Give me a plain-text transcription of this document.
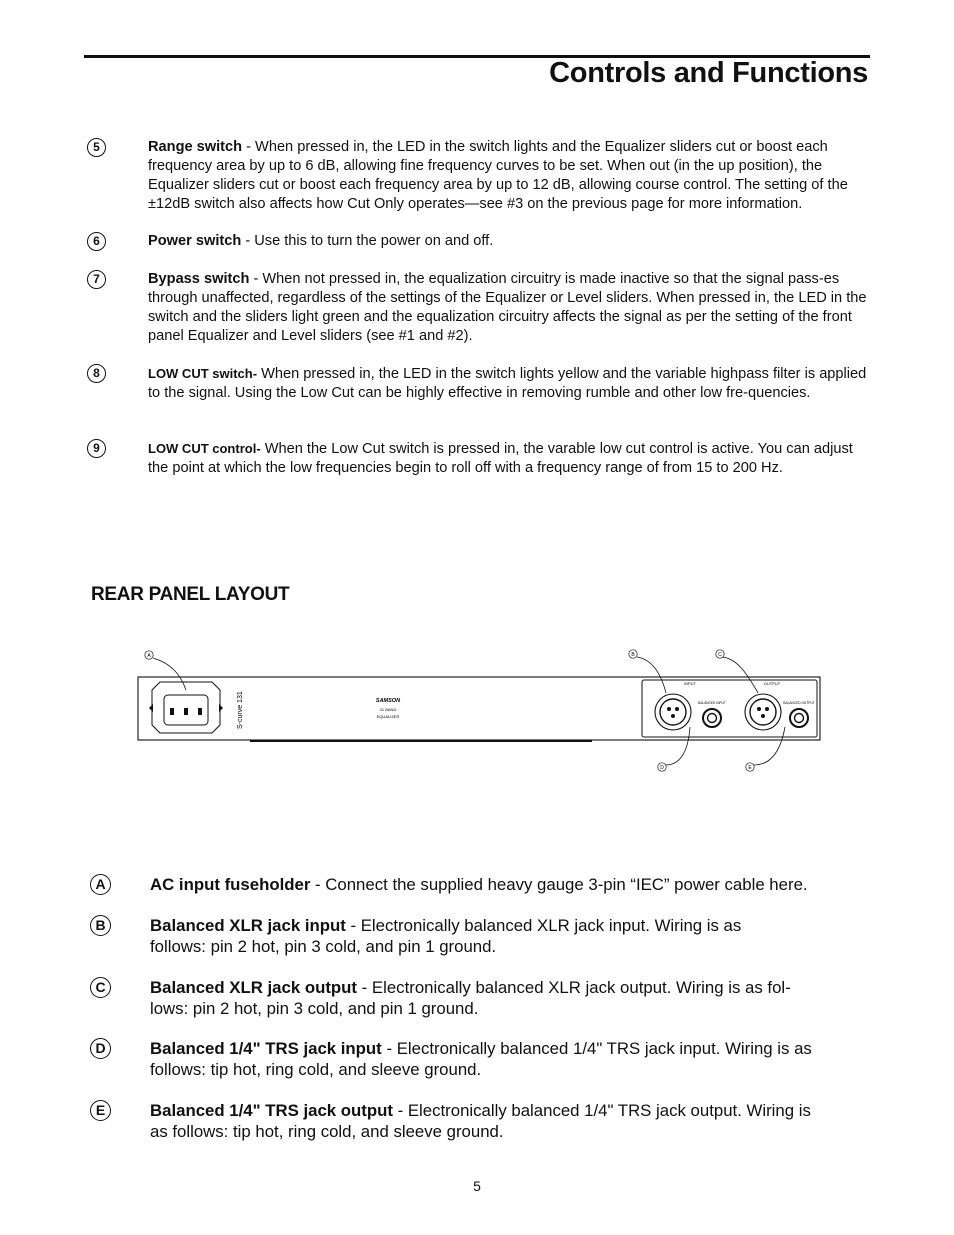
Controls and Functions
5	Range switch - When pressed in, the LED in the switch lights and the Equalizer sliders cut or boost each frequency area by up to 6 dB, allowing fine frequency curves to be set. When out (in the up position), the Equalizer sliders cut or boost each frequency area by up to 12 dB, allowing course control. The setting of the ±12dB switch also affects how Cut Only operates—see #3 on the previous page for more information.
6	Power switch - Use this to turn the power on and off.
7	Bypass switch - When not pressed in, the equalization circuitry is made inactive so that the signal pass-es through unaffected, regardless of the settings of the Equalizer or Level sliders. When pressed in, the LED in the switch and the sliders light green and the equalization circuitry affects the signal as per the setting of the front panel Equalizer and Level sliders (see #1 and #2).
8	LOW CUT switch- When pressed in, the LED in the switch lights yellow and the variable highpass filter is applied to the signal. Using the Low Cut can be highly effective in removing rumble and other low fre-quencies.
9	LOW CUT control- When the Low Cut switch is pressed in, the varable low cut control is active. You can adjust the point at which the low frequencies begin to roll off with a frequency range of from 15 to 200 Hz.
REAR PANEL LAYOUT
S-curve 131	SAMSON
31 BAND
EQUALIZER
INPUT	OUTPUT
BALANCED INPUT	BALANCED OUTPUT
A	B	C
D	E
A	AC input fuseholder - Connect the supplied heavy gauge 3-pin “IEC” power cable here.
B	Balanced XLR jack input - Electronically balanced XLR jack input. Wiring is as follows: pin 2 hot, pin 3 cold, and pin 1 ground.
C	Balanced XLR jack output - Electronically balanced XLR jack output. Wiring is as fol-lows: pin 2 hot, pin 3 cold, and pin 1 ground.
D	Balanced 1/4" TRS jack input - Electronically balanced 1/4" TRS jack input. Wiring is as follows: tip hot, ring cold, and sleeve ground.
E	Balanced 1/4" TRS jack output - Electronically balanced 1/4" TRS jack output. Wiring is as follows: tip hot, ring cold, and sleeve ground.
5
